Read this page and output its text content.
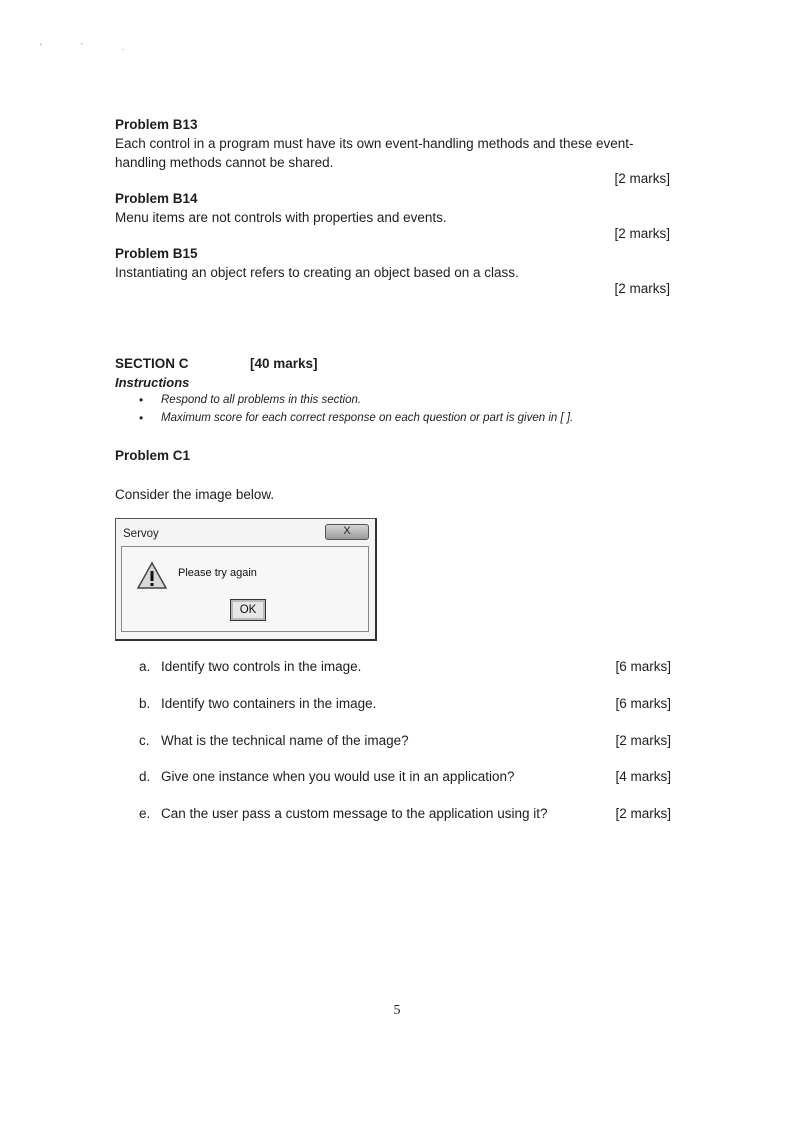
' ` .
Problem B13
Each control in a program must have its own event-handling methods and these event-handling methods cannot be shared.
[2 marks]
Problem B14
Menu items are not controls with properties and events.
[2 marks]
Problem B15
Instantiating an object refers to creating an object based on a class.
[2 marks]
SECTION C	[40 marks]
Instructions
• Respond to all problems in this section.
• Maximum score for each correct response on each question or part is given in [ ].
Problem C1
Consider the image below.
Servoy	X
Please try again
OK
a. Identify two controls in the image.	[6 marks]
b. Identify two containers in the image.	[6 marks]
c. What is the technical name of the image?	[2 marks]
d. Give one instance when you would use it in an application?	[4 marks]
e. Can the user pass a custom message to the application using it?	[2 marks]
5
